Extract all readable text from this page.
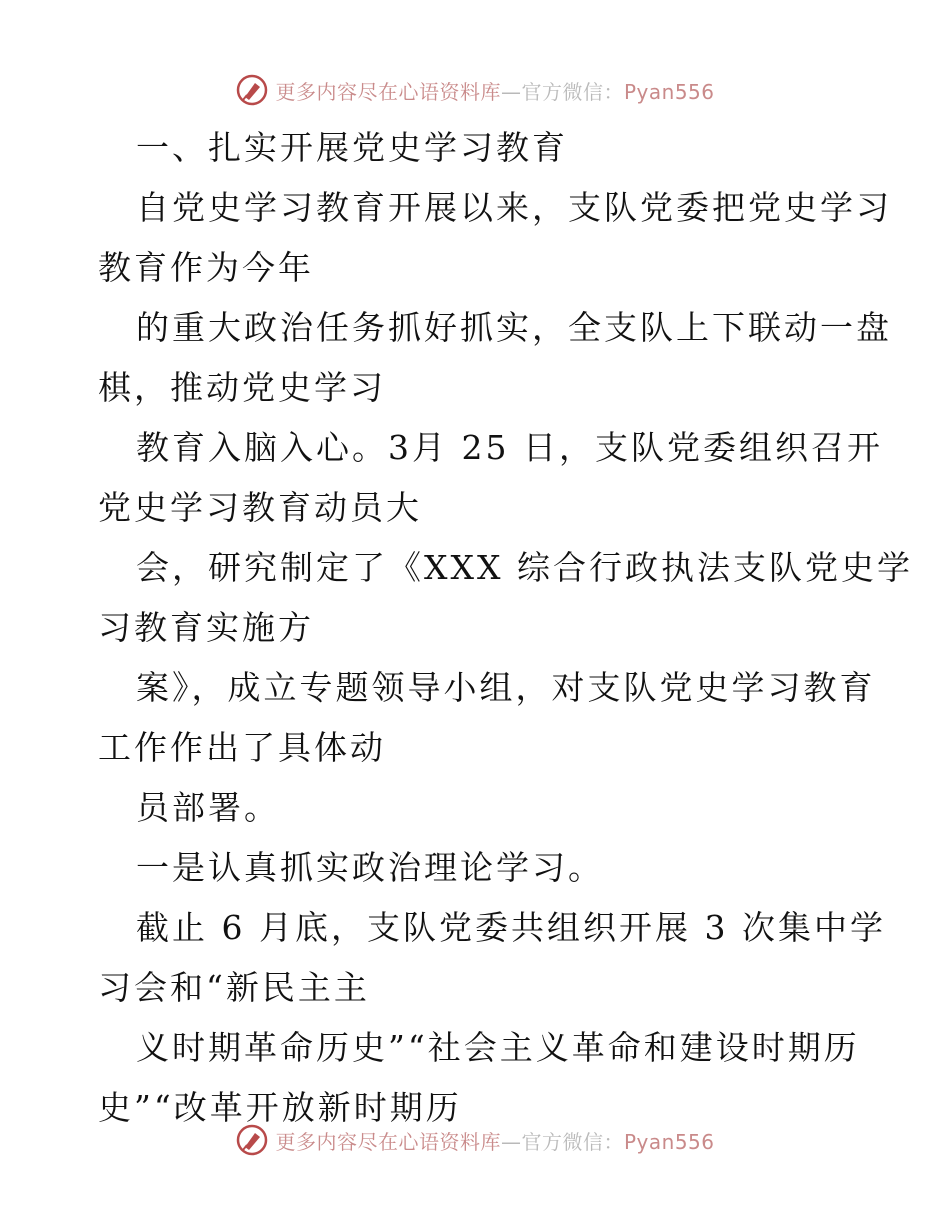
更多内容尽在心语资料库—官方微信：Pyan556
一、扎实开展党史学习教育
自党史学习教育开展以来，支队党委把党史学习
教育作为今年
的重大政治任务抓好抓实，全支队上下联动一盘
棋，推动党史学习
教育入脑入心。3月 25 日，支队党委组织召开
党史学习教育动员大
会，研究制定了《XXX 综合行政执法支队党史学
习教育实施方
案》，成立专题领导小组，对支队党史学习教育
工作作出了具体动
员部署。
一是认真抓实政治理论学习。
截止 6 月底，支队党委共组织开展 3 次集中学
习会和“新民主主
义时期革命历史”“社会主义革命和建设时期历
史”“改革开放新时期历
更多内容尽在心语资料库—官方微信：Pyan556
